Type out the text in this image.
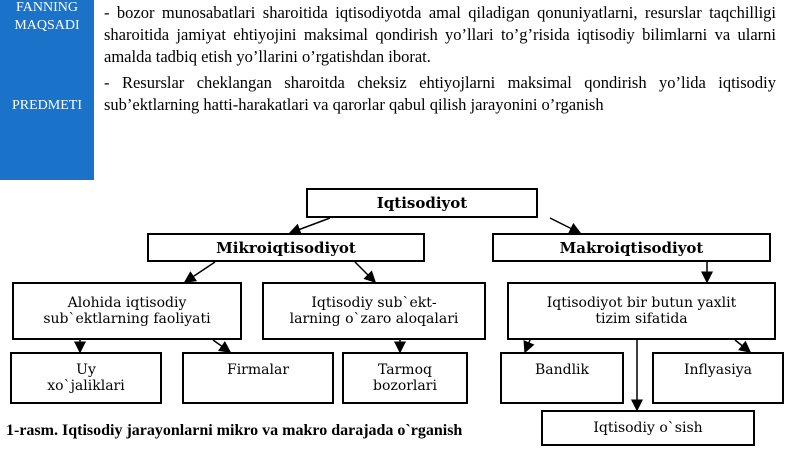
FANNING
MAQSADI
PREDMETI

- bozor munosabatlari sharoitida iqtisodiyotda amal qiladigan qonuniyatlarni, resurslar taqchilligi sharoitida jamiyat ehtiyojini maksimal qondirish yo’llari to’g’risida iqtisodiy bilimlarni va ularni amalda tadbiq etish yo’llarini o’rgatishdan iborat.

- Resurslar cheklangan sharoitda cheksiz ehtiyojlarni maksimal qondirish yo’lida iqtisodiy sub’ektlarning hatti-harakatlari va qarorlar qabul qilish jarayonini o’rganish

Iqtisodiyot
Mikroiqtisodiyot	Makroiqtisodiyot
Alohida iqtisodiy sub`ektlarning faoliyati
Iqtisodiy sub`ekt-larning o`zaro aloqalari
Iqtisodiyot bir butun yaxlit tizim sifatida
Uy xo`jaliklari
Firmalar	Tarmoq bozorlari
Bandlik	Inflyasiya
Iqtisodiy o`sish
1-rasm. Iqtisodiy jarayonlarni mikro va makro darajada o`rganish
